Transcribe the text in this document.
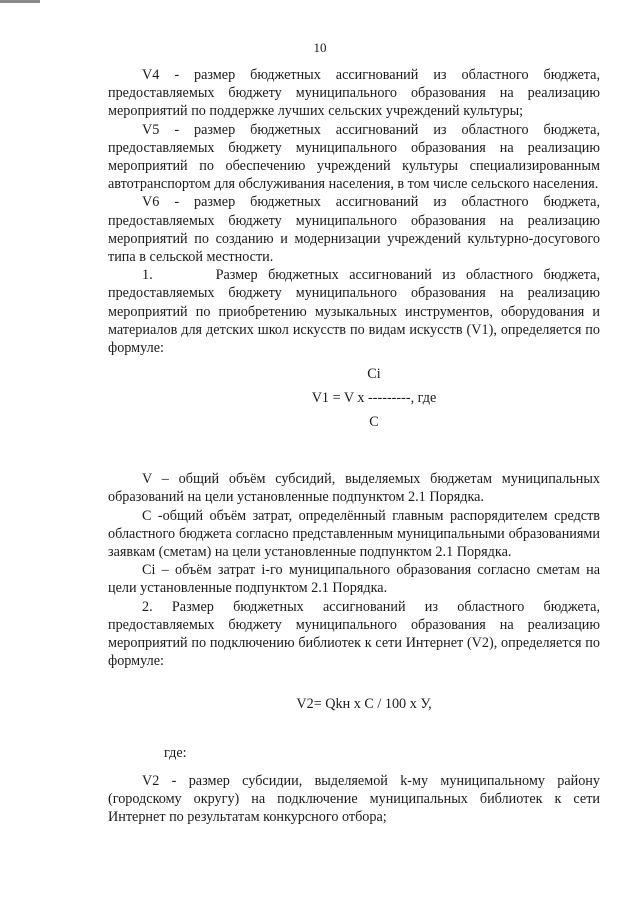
10

V4 - размер бюджетных ассигнований из областного бюджета, предоставляемых бюджету муниципального образования на реализацию мероприятий по поддержке лучших сельских учреждений культуры;

V5 - размер бюджетных ассигнований из областного бюджета, предоставляемых бюджету муниципального образования на реализацию мероприятий по обеспечению учреждений культуры специализированным автотранспортом для обслуживания населения, в том числе сельского населения.

V6 - размер бюджетных ассигнований из областного бюджета, предоставляемых бюджету муниципального образования на реализацию мероприятий по созданию и модернизации учреждений культурно-досугового типа в сельской местности.

1.      Размер бюджетных ассигнований из областного бюджета, предоставляемых бюджету муниципального образования на реализацию мероприятий по приобретению музыкальных инструментов, оборудования и материалов для детских школ искусств по видам искусств (V1), определяется по формуле:

Сi
V1 = V х ---------, где
С

V – общий объём субсидий, выделяемых бюджетам муниципальных образований на цели установленные подпунктом 2.1 Порядка.

С -общий объём затрат, определённый главным распорядителем средств областного бюджета согласно представленным муниципальными образованиями заявкам (сметам) на цели установленные подпунктом 2.1 Порядка.

Сi – объём затрат i-го муниципального образования согласно сметам на цели установленные подпунктом 2.1 Порядка.

2. Размер бюджетных ассигнований из областного бюджета, предоставляемых бюджету муниципального образования на реализацию мероприятий по подключению библиотек к сети Интернет (V2), определяется по формуле:

V2= Qkн х С / 100 х У,
где:

V2 - размер субсидии, выделяемой k-му муниципальному району (городскому округу) на подключение муниципальных библиотек к сети Интернет по результатам конкурсного отбора;
